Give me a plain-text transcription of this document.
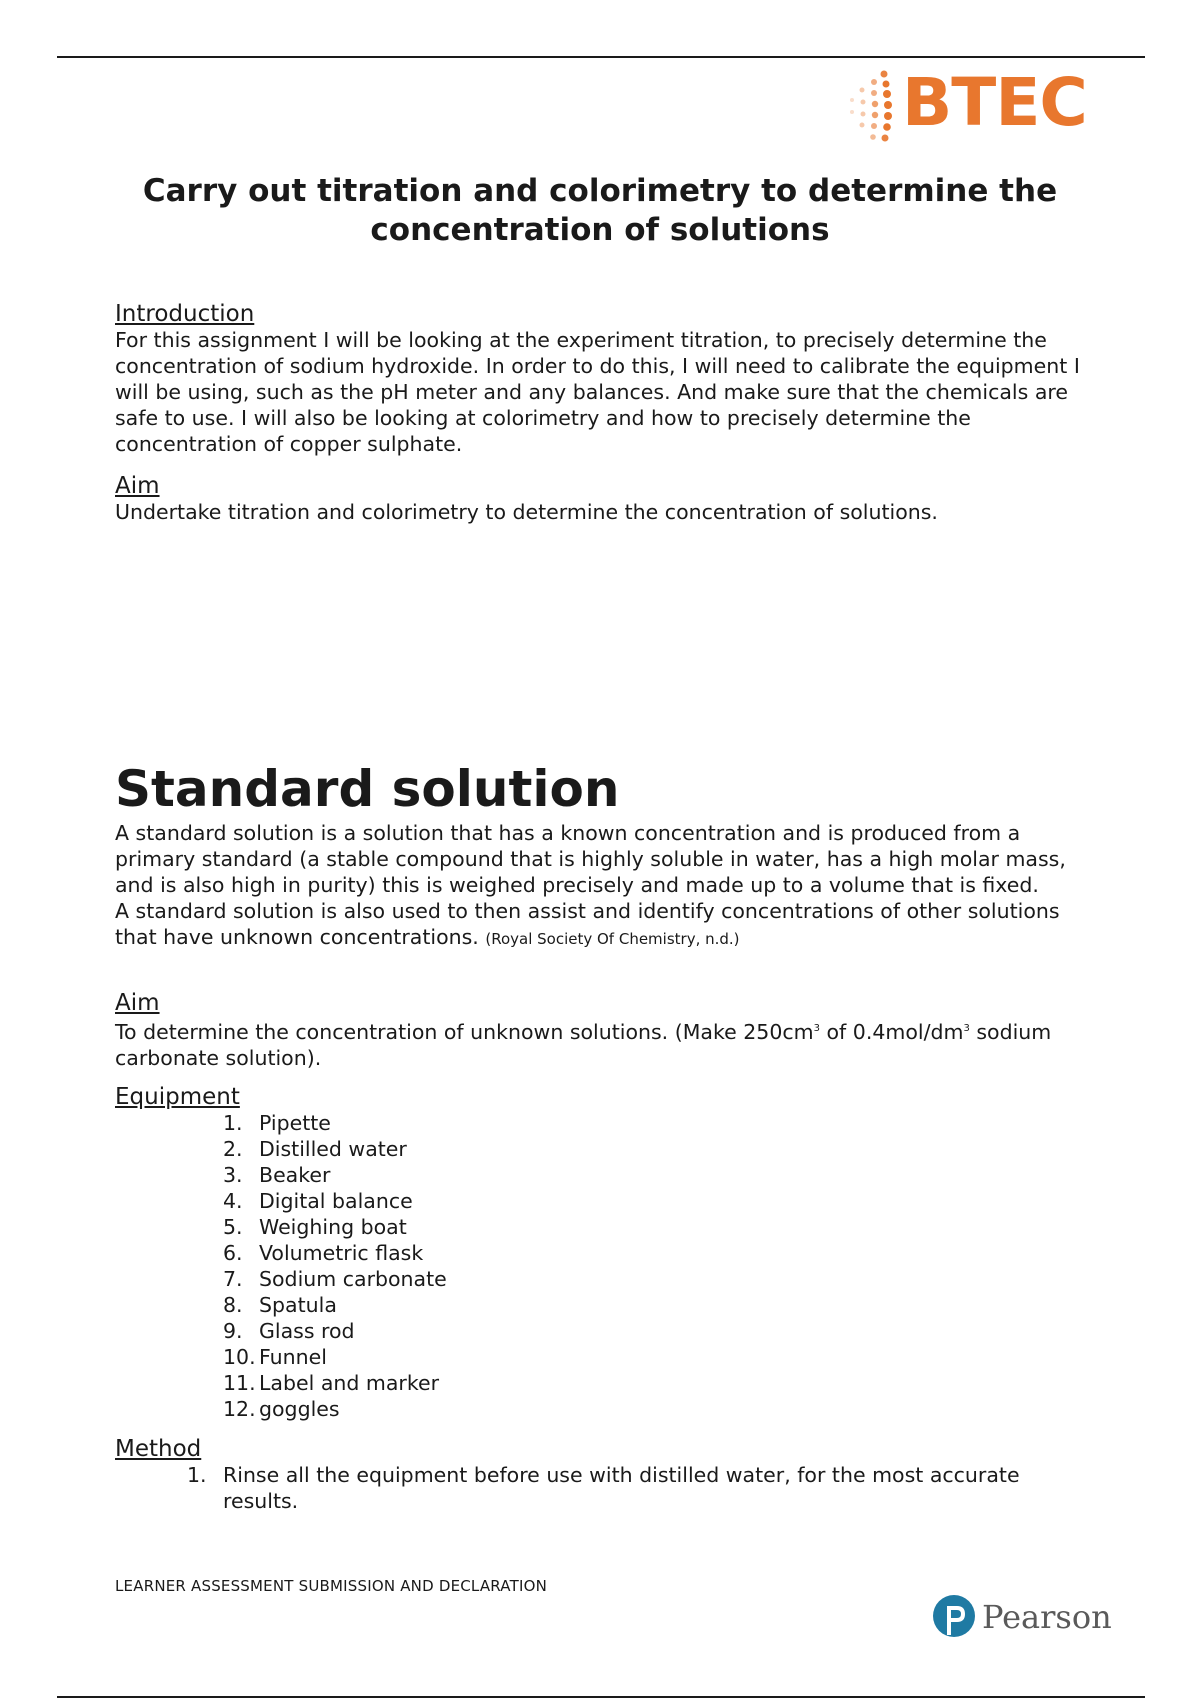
BTEC
Carry out titration and colorimetry to determine the concentration of solutions
Introduction

For this assignment I will be looking at the experiment titration, to precisely determine the concentration of sodium hydroxide. In order to do this, I will need to calibrate the equipment I will be using, such as the pH meter and any balances. And make sure that the chemicals are safe to use. I will also be looking at colorimetry and how to precisely determine the concentration of copper sulphate.

Aim

Undertake titration and colorimetry to determine the concentration of solutions.

Standard solution

A standard solution is a solution that has a known concentration and is produced from a primary standard (a stable compound that is highly soluble in water, has a high molar mass, and is also high in purity) this is weighed precisely and made up to a volume that is fixed.

A standard solution is also used to then assist and identify concentrations of other solutions that have unknown concentrations. (Royal Society Of Chemistry, n.d.)

Aim

To determine the concentration of unknown solutions. (Make $250cm^3$ of $0.4mol/dm^3$ sodium carbonate solution).

Equipment
1. Pipette
2. Distilled water
3. Beaker
4. Digital balance
5. Weighing boat
6. Volumetric flask
7. Sodium carbonate
8. Spatula
9. Glass rod
10. Funnel
11. Label and marker
12. goggles
Method
1. Rinse all the equipment before use with distilled water, for the most accurate results.
LEARNER ASSESSMENT SUBMISSION AND DECLARATION
Pearson
